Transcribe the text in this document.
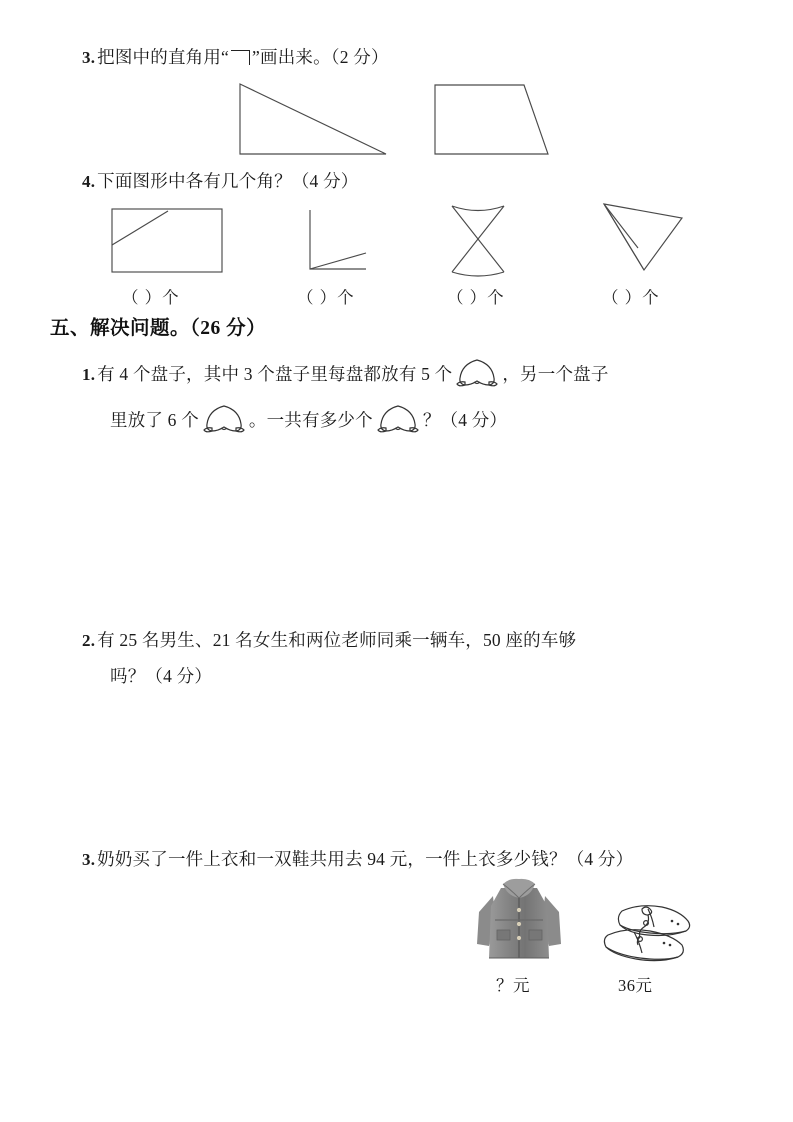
3. 把图中的直角用“ ”画出来。（2 分）
4. 下面图形中各有几个角？（4 分）
（ ）个	（ ）个	（ ）个	（ ）个
五、解决问题。（26 分）
1. 有 4 个盘子，其中 3 个盘子里每盘都放有 5 个	，另一个盘子
里放了 6 个	。一共有多少个	？（4 分）
2. 有 25 名男生、21 名女生和两位老师同乘一辆车，50 座的车够
吗？（4 分）
3. 奶奶买了一件上衣和一双鞋共用去 94 元，一件上衣多少钱？（4 分）
？元	36元
